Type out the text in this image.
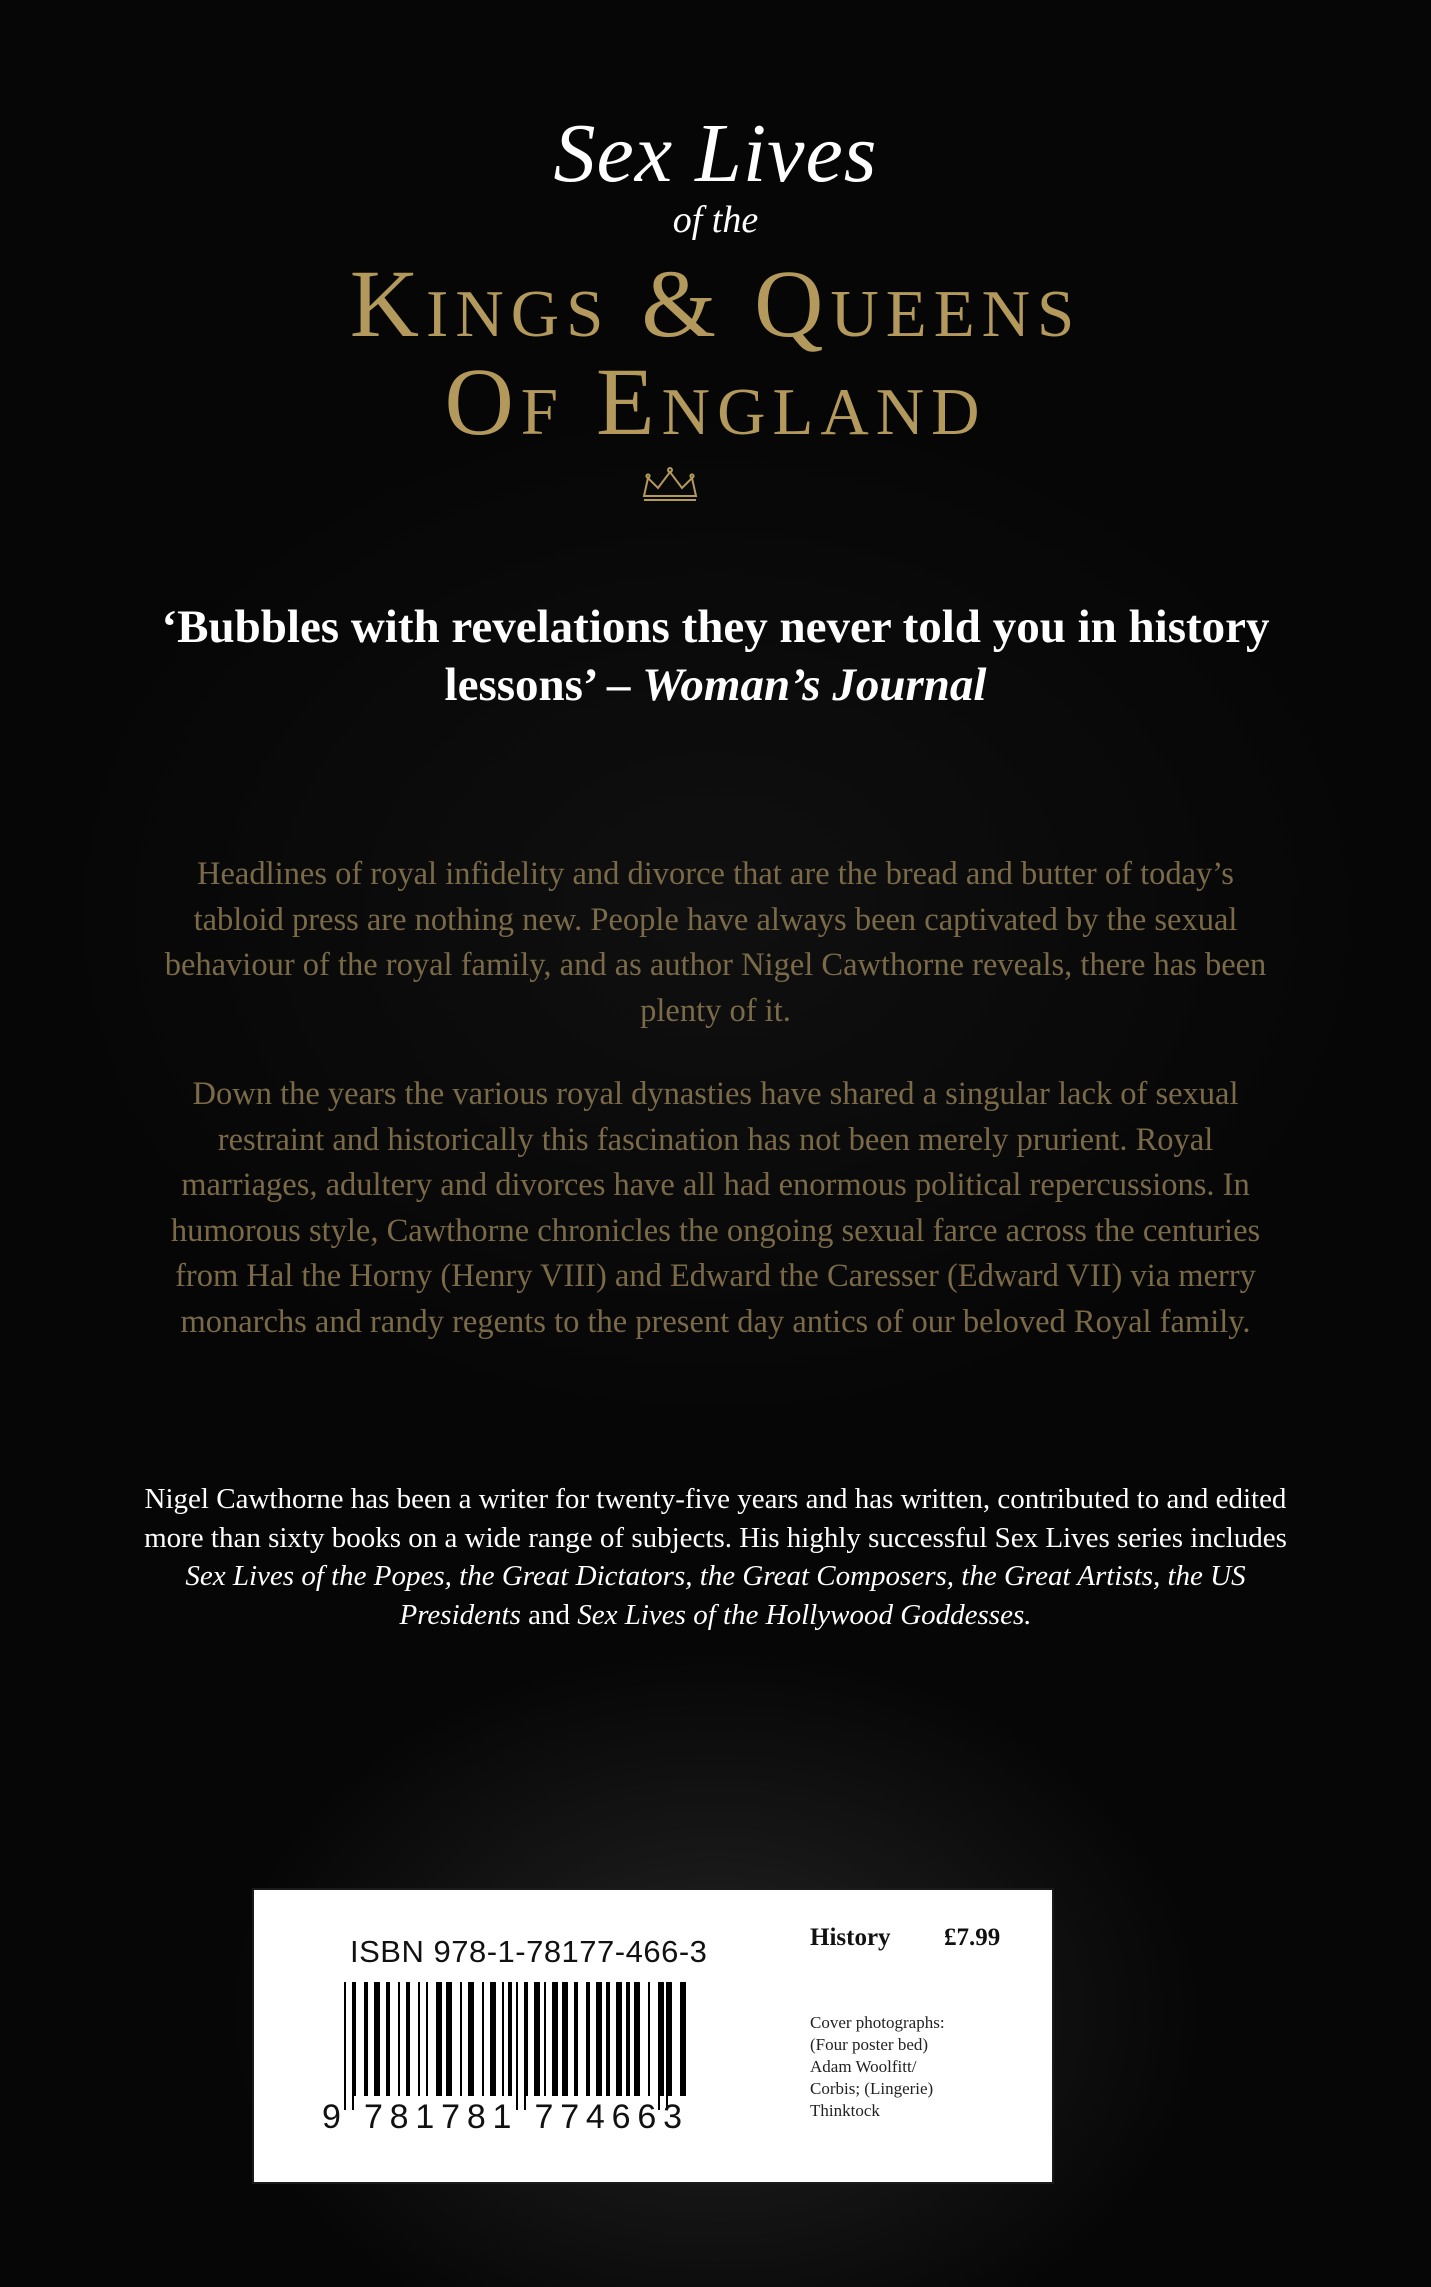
Sex Lives
of the
Kings & Queens
Of England
‘Bubbles with revelations they never told you in history lessons’ – Woman’s Journal
Headlines of royal infidelity and divorce that are the bread and butter of today’s tabloid press are nothing new. People have always been captivated by the sexual behaviour of the royal family, and as author Nigel Cawthorne reveals, there has been plenty of it.
Down the years the various royal dynasties have shared a singular lack of sexual restraint and historically this fascination has not been merely prurient. Royal marriages, adultery and divorces have all had enormous political repercussions. In humorous style, Cawthorne chronicles the ongoing sexual farce across the centuries from Hal the Horny (Henry VIII) and Edward the Caresser (Edward VII) via merry monarchs and randy regents to the present day antics of our beloved Royal family.
Nigel Cawthorne has been a writer for twenty-five years and has written, contributed to and edited more than sixty books on a wide range of subjects. His highly successful Sex Lives series includes Sex Lives of the Popes, the Great Dictators, the Great Composers, the Great Artists, the US Presidents and Sex Lives of the Hollywood Goddesses.
ISBN 978-1-78177-466-3
9 781781 774663
History £7.99
Cover photographs:
(Four poster bed)
Adam Woolfitt/
Corbis; (Lingerie)
Thinktock
